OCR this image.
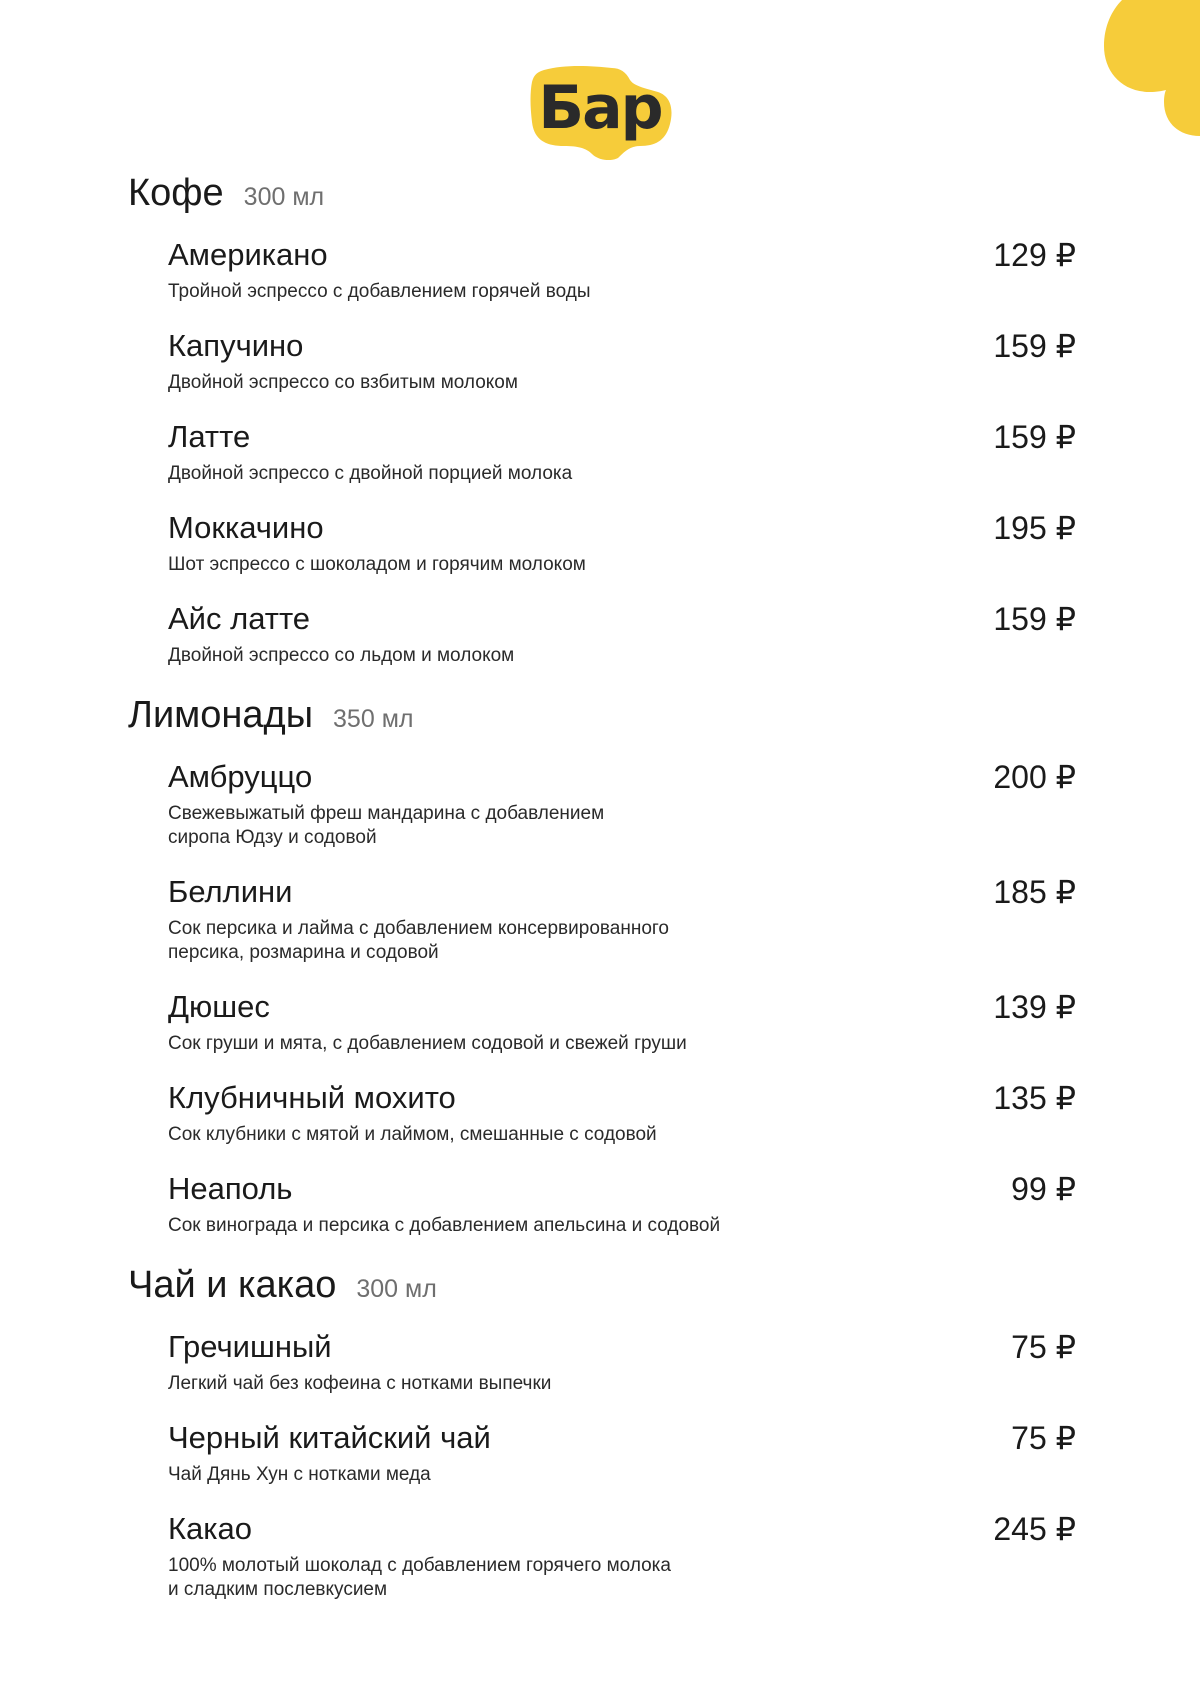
Бар
Кофе 300 мл
Американо
Тройной эспрессо с добавлением горячей воды
129 ₽
Капучино
Двойной эспрессо со взбитым молоком
159 ₽
Латте
Двойной эспрессо с двойной порцией молока
159 ₽
Моккачино
Шот эспрессо с шоколадом и горячим молоком
195 ₽
Айс латте
Двойной эспрессо со льдом и молоком
159 ₽
Лимонады 350 мл
Амбруццо
Свежевыжатый фреш мандарина с добавлением
сиропа Юдзу и содовой
200 ₽
Беллини
Сок персика и лайма с добавлением консервированного
персика, розмарина и содовой
185 ₽
Дюшес
Сок груши и мята, с добавлением содовой и свежей груши
139 ₽
Клубничный мохито
Сок клубники с мятой и лаймом, смешанные с содовой
135 ₽
Неаполь
Сок винограда и персика с добавлением апельсина и содовой
99 ₽
Чай и какао 300 мл
Гречишный
Легкий чай без кофеина с нотками выпечки
75 ₽
Черный китайский чай
Чай Дянь Хун с нотками меда
75 ₽
Какао
100% молотый шоколад с добавлением горячего молока
и сладким послевкусием
245 ₽
